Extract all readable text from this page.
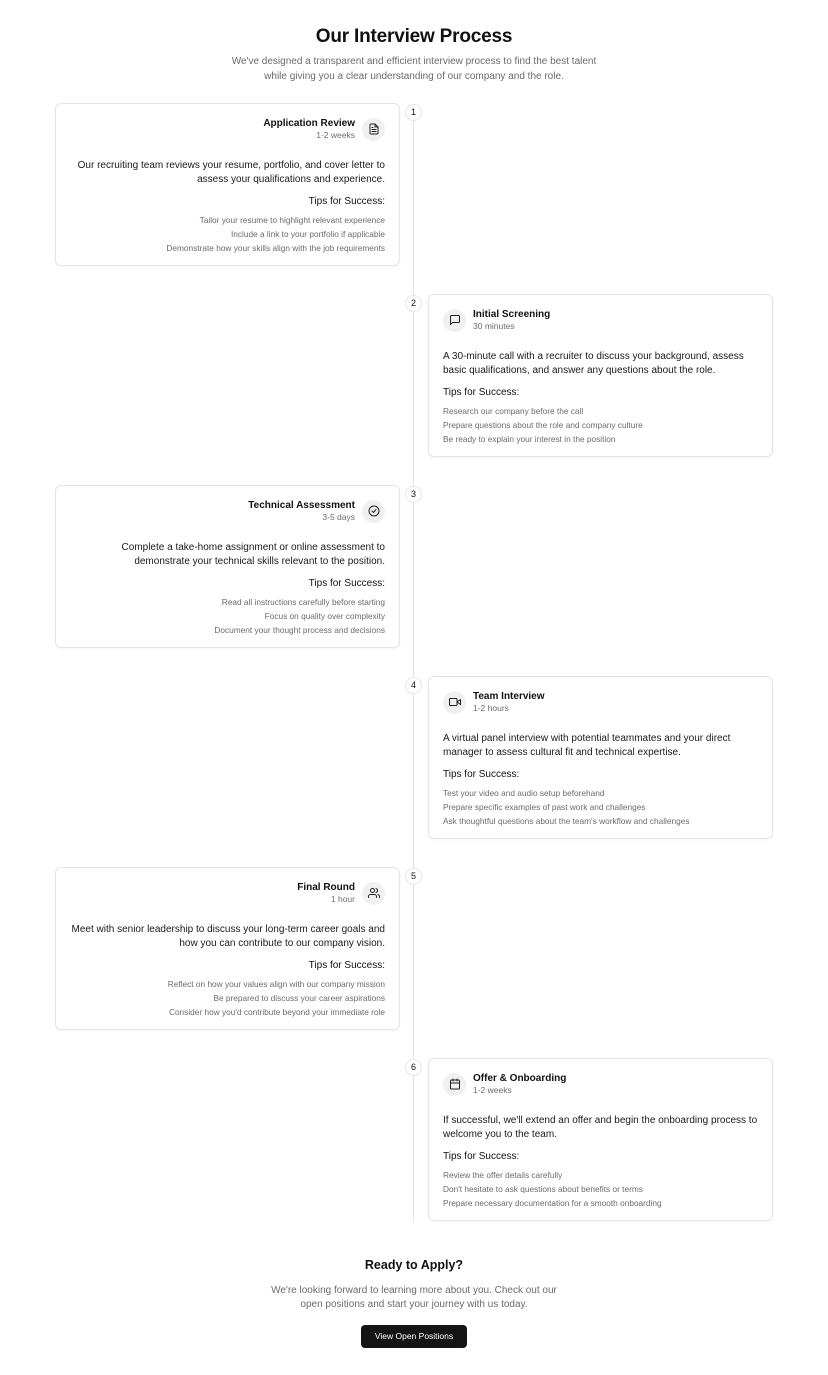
Our Interview Process

We've designed a transparent and efficient interview process to find the best talent while giving you a clear understanding of our company and the role.

1
Application Review
1-2 weeks

Our recruiting team reviews your resume, portfolio, and cover letter to assess your qualifications and experience.

Tips for Success:
Tailor your resume to highlight relevant experience
Include a link to your portfolio if applicable
Demonstrate how your skills align with the job requirements
2
Initial Screening
30 minutes

A 30-minute call with a recruiter to discuss your background, assess basic qualifications, and answer any questions about the role.

Tips for Success:
Research our company before the call
Prepare questions about the role and company culture
Be ready to explain your interest in the position
3
Technical Assessment
3-5 days

Complete a take-home assignment or online assessment to demonstrate your technical skills relevant to the position.

Tips for Success:
Read all instructions carefully before starting
Focus on quality over complexity
Document your thought process and decisions
4
Team Interview
1-2 hours

A virtual panel interview with potential teammates and your direct manager to assess cultural fit and technical expertise.

Tips for Success:
Test your video and audio setup beforehand
Prepare specific examples of past work and challenges
Ask thoughtful questions about the team's workflow and challenges
5
Final Round
1 hour

Meet with senior leadership to discuss your long-term career goals and how you can contribute to our company vision.

Tips for Success:
Reflect on how your values align with our company mission
Be prepared to discuss your career aspirations
Consider how you'd contribute beyond your immediate role
6
Offer & Onboarding
1-2 weeks

If successful, we'll extend an offer and begin the onboarding process to welcome you to the team.

Tips for Success:
Review the offer details carefully
Don't hesitate to ask questions about benefits or terms
Prepare necessary documentation for a smooth onboarding
Ready to Apply?

We're looking forward to learning more about you. Check out our open positions and start your journey with us today.

View Open Positions
